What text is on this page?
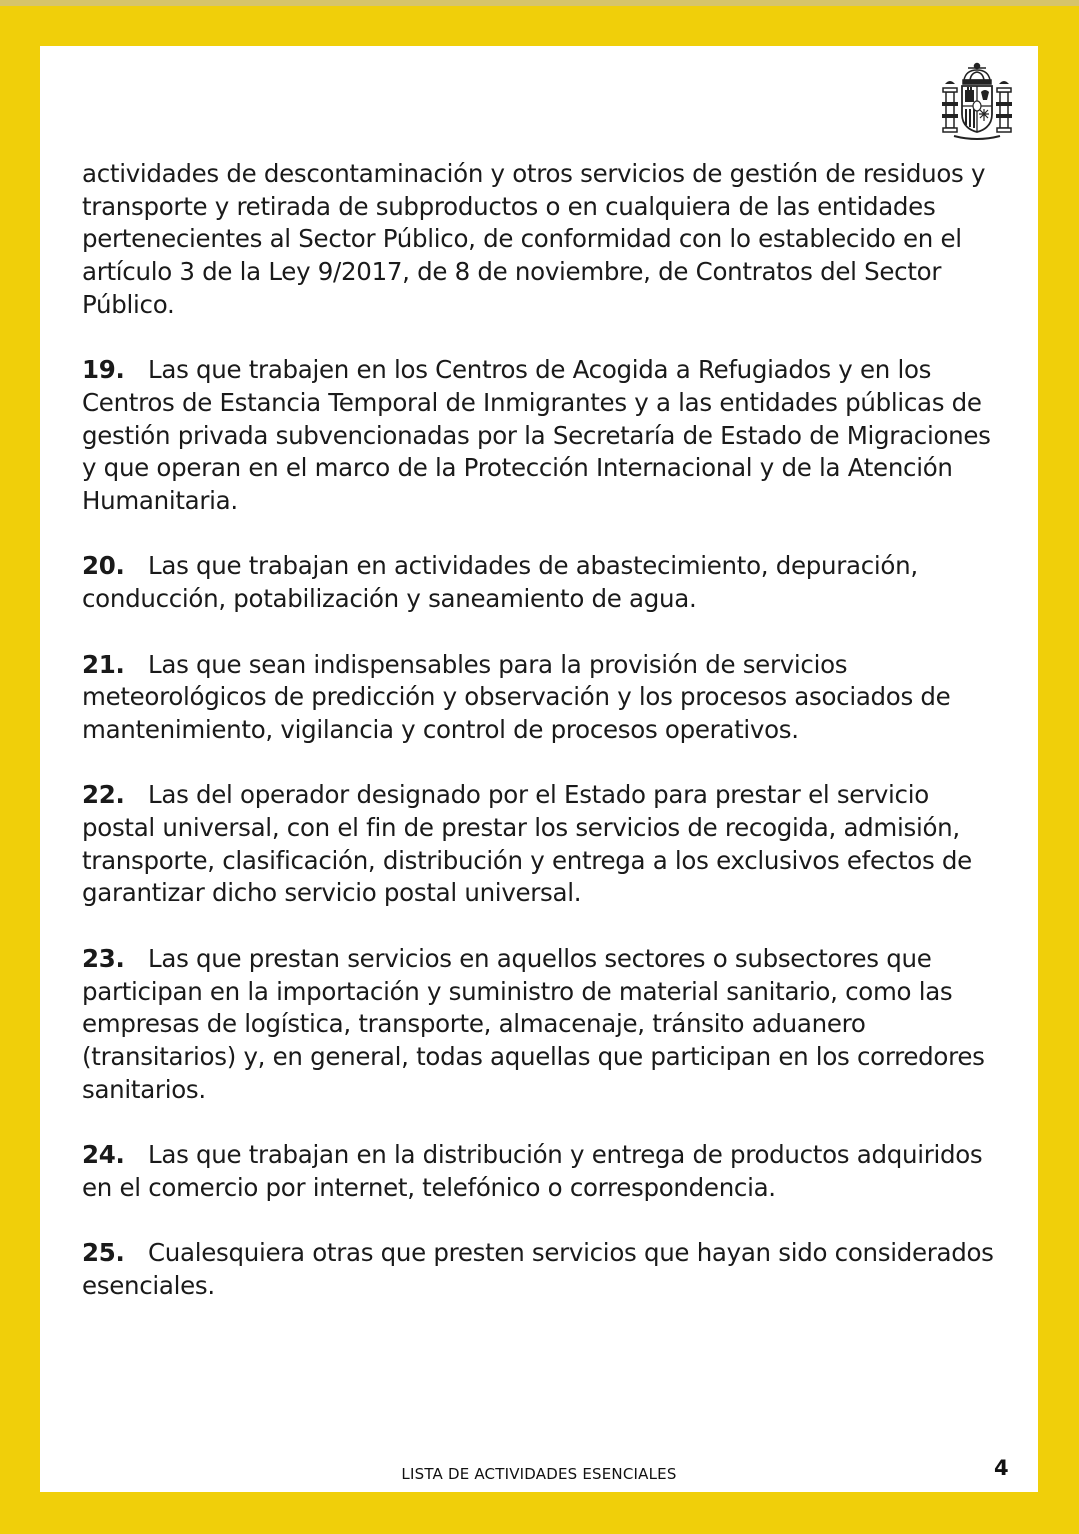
actividades de descontaminación y otros servicios de gestión de residuos y transporte y retirada de subproductos o en cualquiera de las entidades pertenecientes al Sector Público, de conformidad con lo establecido en el artículo 3 de la Ley 9/2017, de 8 de noviembre, de Contratos del Sector Público.

19. Las que trabajen en los Centros de Acogida a Refugiados y en los Centros de Estancia Temporal de Inmigrantes y a las entidades públicas de gestión privada subvencionadas por la Secretaría de Estado de Migraciones y que operan en el marco de la Protección Internacional y de la Atención Humanitaria.

20. Las que trabajan en actividades de abastecimiento, depuración, conducción, potabilización y saneamiento de agua.

21. Las que sean indispensables para la provisión de servicios meteorológicos de predicción y observación y los procesos asociados de mantenimiento, vigilancia y control de procesos operativos.

22. Las del operador designado por el Estado para prestar el servicio postal universal, con el fin de prestar los servicios de recogida, admisión, transporte, clasificación, distribución y entrega a los exclusivos efectos de garantizar dicho servicio postal universal.

23. Las que prestan servicios en aquellos sectores o subsectores que participan en la importación y suministro de material sanitario, como las empresas de logística, transporte, almacenaje, tránsito aduanero (transitarios) y, en general, todas aquellas que participan en los corredores sanitarios.

24. Las que trabajan en la distribución y entrega de productos adquiridos en el comercio por internet, telefónico o correspondencia.

25. Cualesquiera otras que presten servicios que hayan sido considerados esenciales.

LISTA DE ACTIVIDADES ESENCIALES	4
